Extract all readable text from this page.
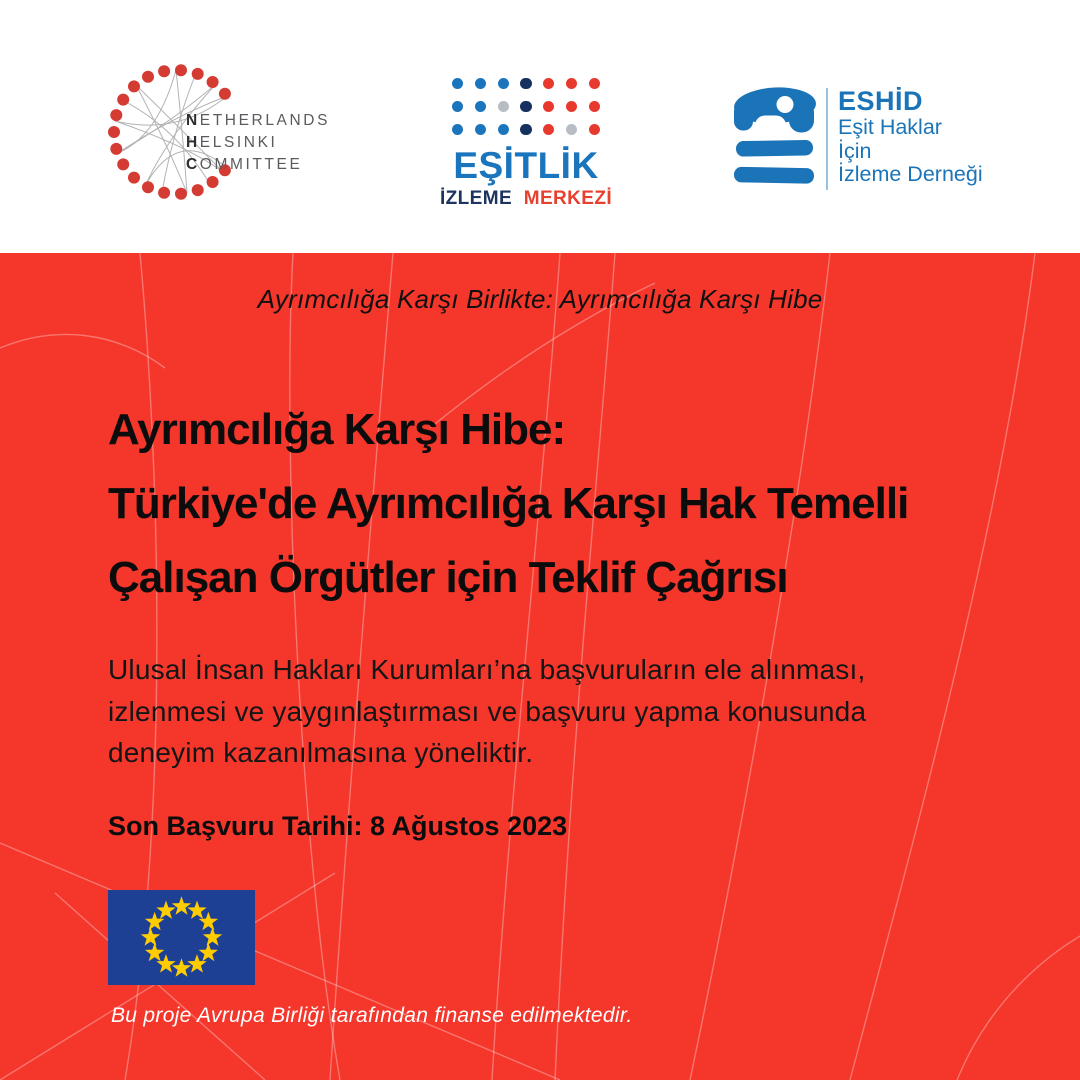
NETHERLANDS
HELSINKI
COMMITTEE	EŞİTLİK
İZLEME MERKEZİ
ESHİD
Eşit Haklar
İçin
İzleme Derneği
Ayrımcılığa Karşı Birlikte: Ayrımcılığa Karşı Hibe
Ayrımcılığa Karşı Hibe:
Türkiye'de Ayrımcılığa Karşı Hak Temelli
Çalışan Örgütler için Teklif Çağrısı

Ulusal İnsan Hakları Kurumları’na başvuruların ele alınması,
izlenmesi ve yaygınlaştırması ve başvuru yapma konusunda
deneyim kazanılmasına yöneliktir.

Son Başvuru Tarihi: 8 Ağustos 2023
Bu proje Avrupa Birliği tarafından finanse edilmektedir.
